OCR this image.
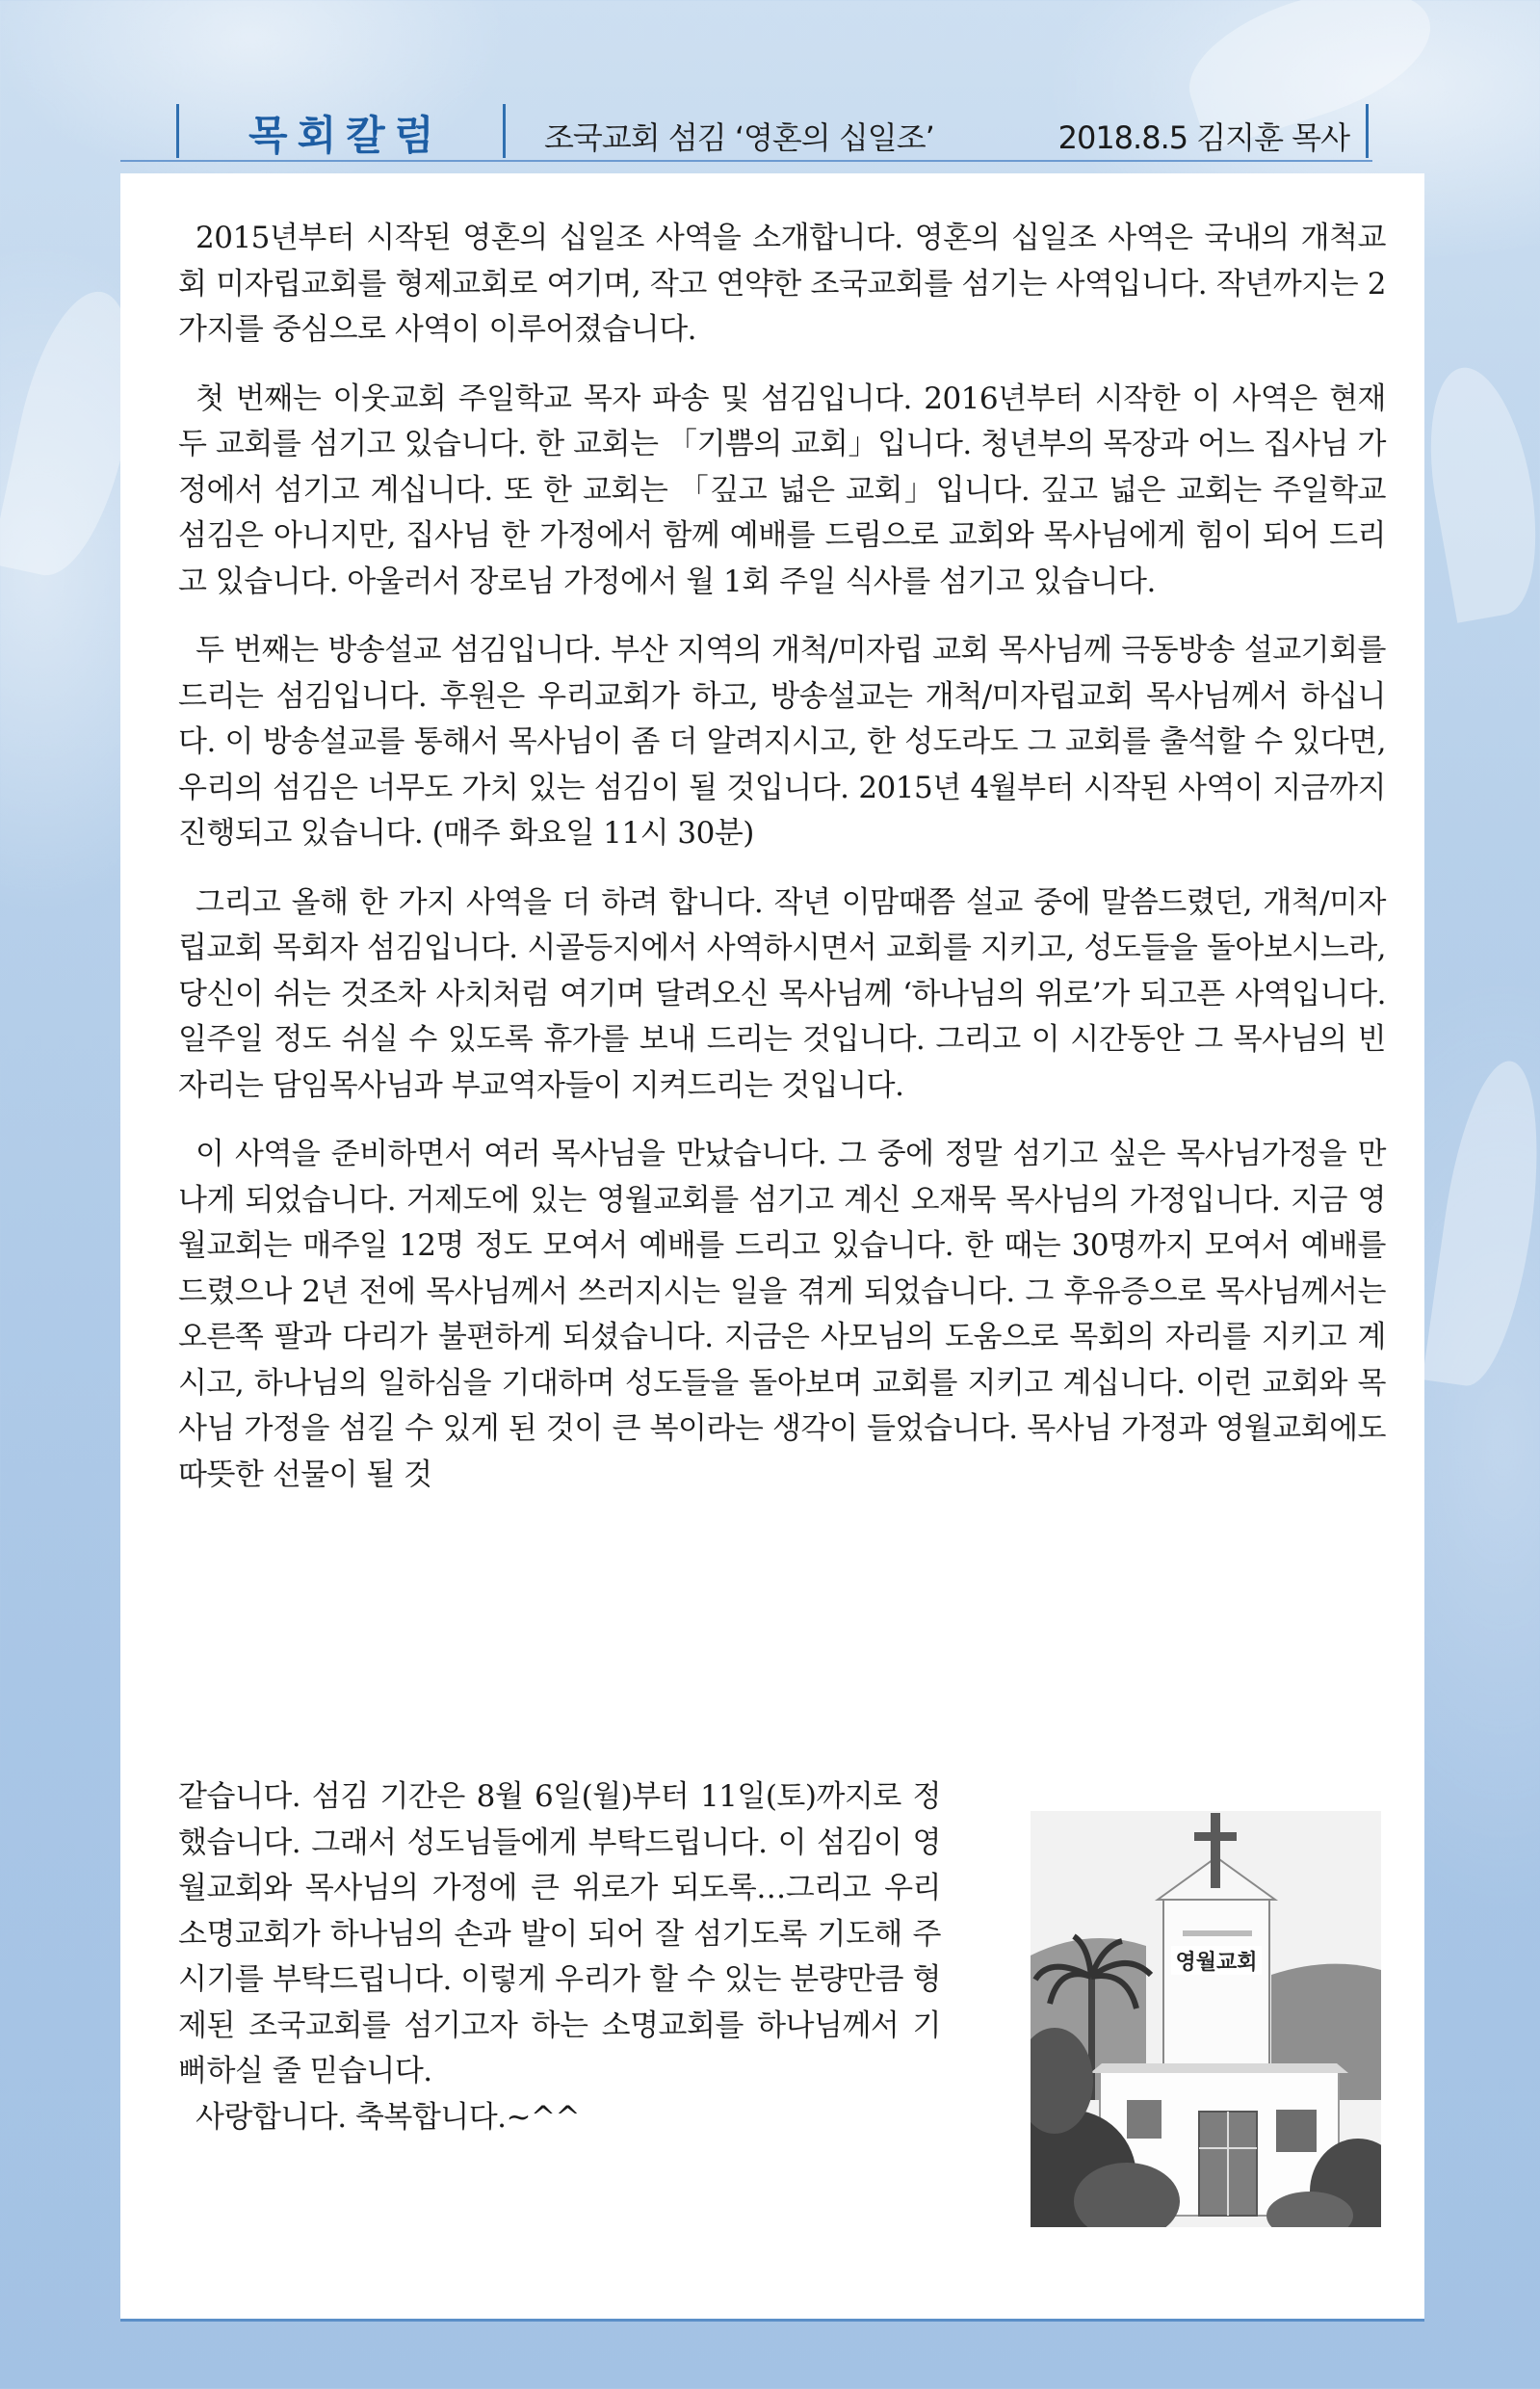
목회칼럼	조국교회 섬김 ‘영혼의 십일조’	2018.8.5 김지훈 목사

2015년부터 시작된 영혼의 십일조 사역을 소개합니다. 영혼의 십일조 사역은 국내의 개척교회 미자립교회를 형제교회로 여기며, 작고 연약한 조국교회를 섬기는 사역입니다. 작년까지는 2가지를 중심으로 사역이 이루어졌습니다.

첫 번째는 이웃교회 주일학교 목자 파송 및 섬김입니다. 2016년부터 시작한 이 사역은 현재 두 교회를 섬기고 있습니다. 한 교회는 「기쁨의 교회」입니다. 청년부의 목장과 어느 집사님 가정에서 섬기고 계십니다. 또 한 교회는 「깊고 넓은 교회」입니다. 깊고 넓은 교회는 주일학교 섬김은 아니지만, 집사님 한 가정에서 함께 예배를 드림으로 교회와 목사님에게 힘이 되어 드리고 있습니다. 아울러서 장로님 가정에서 월 1회 주일 식사를 섬기고 있습니다.

두 번째는 방송설교 섬김입니다. 부산 지역의 개척/미자립 교회 목사님께 극동방송 설교기회를 드리는 섬김입니다. 후원은 우리교회가 하고, 방송설교는 개척/미자립교회 목사님께서 하십니다. 이 방송설교를 통해서 목사님이 좀 더 알려지시고, 한 성도라도 그 교회를 출석할 수 있다면, 우리의 섬김은 너무도 가치 있는 섬김이 될 것입니다. 2015년 4월부터 시작된 사역이 지금까지 진행되고 있습니다. (매주 화요일 11시 30분)

그리고 올해 한 가지 사역을 더 하려 합니다. 작년 이맘때쯤 설교 중에 말씀드렸던, 개척/미자립교회 목회자 섬김입니다. 시골등지에서 사역하시면서 교회를 지키고, 성도들을 돌아보시느라, 당신이 쉬는 것조차 사치처럼 여기며 달려오신 목사님께 ‘하나님의 위로’가 되고픈 사역입니다. 일주일 정도 쉬실 수 있도록 휴가를 보내 드리는 것입니다. 그리고 이 시간동안 그 목사님의 빈자리는 담임목사님과 부교역자들이 지켜드리는 것입니다.

이 사역을 준비하면서 여러 목사님을 만났습니다. 그 중에 정말 섬기고 싶은 목사님가정을 만나게 되었습니다. 거제도에 있는 영월교회를 섬기고 계신 오재묵 목사님의 가정입니다. 지금 영월교회는 매주일 12명 정도 모여서 예배를 드리고 있습니다. 한 때는 30명까지 모여서 예배를 드렸으나 2년 전에 목사님께서 쓰러지시는 일을 겪게 되었습니다. 그 후유증으로 목사님께서는 오른쪽 팔과 다리가 불편하게 되셨습니다. 지금은 사모님의 도움으로 목회의 자리를 지키고 계시고, 하나님의 일하심을 기대하며 성도들을 돌아보며 교회를 지키고 계십니다. 이런 교회와 목사님 가정을 섬길 수 있게 된 것이 큰 복이라는 생각이 들었습니다. 목사님 가정과 영월교회에도 따뜻한 선물이 될 것

같습니다. 섬김 기간은 8월 6일(월)부터 11일(토)까지로 정했습니다. 그래서 성도님들에게 부탁드립니다. 이 섬김이 영월교회와 목사님의 가정에 큰 위로가 되도록…그리고 우리 소명교회가 하나님의 손과 발이 되어 잘 섬기도록 기도해 주시기를 부탁드립니다. 이렇게 우리가 할 수 있는 분량만큼 형제된 조국교회를 섬기고자 하는 소명교회를 하나님께서 기뻐하실 줄 믿습니다.

사랑합니다. 축복합니다.~^^

영월교회
